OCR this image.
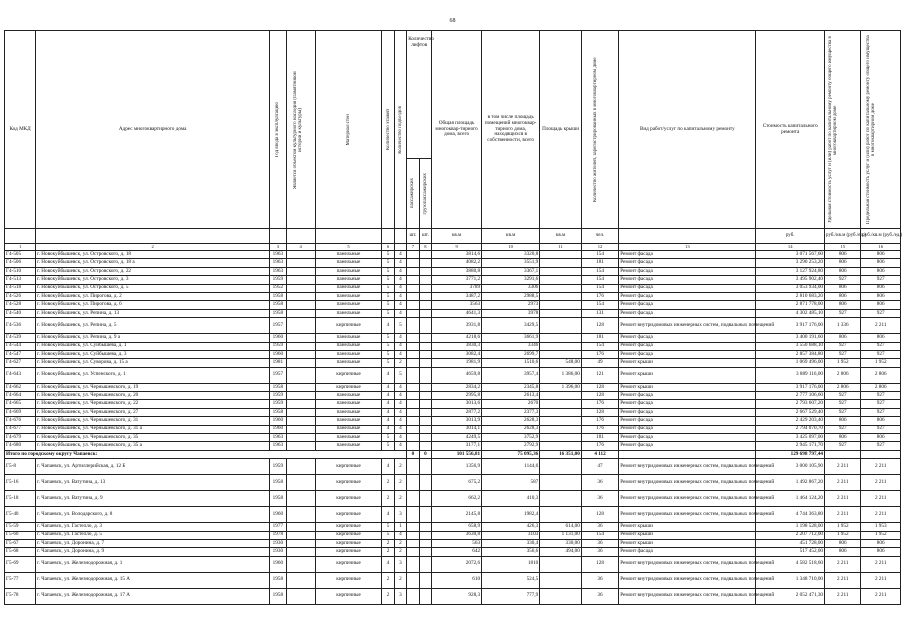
68
Код МКД	Адрес многоквартирного дома	Год ввода в эксплуатацию	Является объектом культурного наследия (Памятником истории и культуры)	Материал стен	Количество этажей	Количество подъездов	Количество лифтов		Общая площадь многоквар-тирного дома, всего	в том числе площадь помещений многоквар-тирного дома, находящихся в собственности, всего	Площадь крыши	Количество жителей, зарегистрированных в многоквартирном доме	Вид работ/услуг по капитальному ремонту	Стоимость капитального ремонта	Удельная стоимость услуг и (или) работ по капитальному ремонту общего имущества в многоквартирном доме	Предельная стоимость услуг и (или) работ по капитальному ремонту общего имущества в многоквартирном доме

							пассажирских	грузопассажирских								

							шт.	шт.	кв.м	кв.м	кв.м	чел.		руб.	руб./кв.м (руб./ед.)	руб./кв.м (руб./ед.)
1	2	3	4	5	6		7	8	9	10	11	12	13	14	15	16
Г4-505	г. Новокуйбышевск, ул. Островского, д. 18	1963		панельные	5	4			3814,6	3320,8		154	Ремонт фасада	3 071 567,60	806	806
Г4-506	г. Новокуйбышевск, ул. Островского, д. 18 а	1963		панельные	5	4			4082,2	3551,9		181	Ремонт фасада	3 290 253,20	806	806
Г4-510	г. Новокуйбышевск, ул. Островского, д. 22	1963		панельные	5	4			3880,8	3367,1		154	Ремонт фасада	3 127 924,80	806	806
Г4-513	г. Новокуйбышевск, ул. Островского, д. 3	1959		панельные	5	4			3771,2	3291,6		154	Ремонт фасада	3 495 902,40	927	927
Г4-518	г. Новокуйбышевск, ул. Островского, д. 5	1952		панельные	5	4			3789	3306		154	Ремонт фасада	3 053 934,00	806	806
Г4-526	г. Новокуйбышевск, ул. Пирогова, д. 2	1958		панельные	5	4			3487,2	2988,5		176	Ремонт фасада	2 810 683,20	806	806
Г4-528	г. Новокуйбышевск, ул. Пирогова, д. 6	1958		панельные	5	4			3563	2973		154	Ремонт фасада	2 871 778,00	806	806
Г4-540	г. Новокуйбышевск, ул. Репина, д. 13	1958		панельные	5	4			4641,3	3978		131	Ремонт фасада	4 302 485,10	927	927
Г4-536	г. Новокуйбышевск, ул. Репина, д. 5	1957		кирпичные	4	5			3931,8	3429,5		128	Ремонт внутридомовых инженерных систем, подвальных помещений	3 917 176,00	1 336	2 211
Г4-539	г. Новокуйбышевск, ул. Репина, д. 9 а	1960		панельные	5	4			4218,6	3661,9		181	Ремонт фасада	3 400 191,60	806	806
Г4-544	г. Новокуйбышевск, ул. Суйбышева, д. 1	1959		панельные	5	4			3830,3	3346		154	Ремонт фасада	3 550 688,10	927	927
Г4-547	г. Новокуйбышевск, ул. Суйбышева, д. 3	1960		панельные	5	4			3082,4	2699,7		176	Ремонт фасада	2 857 384,80	927	927
Г4-627	г. Новокуйбышевск, ул. Суворова, д. 15 а	1981		панельные	5	2			1981,9	1510,6	548,00	49	Ремонт крыши	1 069 496,00	1 952	1 952
Г4-643	г. Новокуйбышевск, ул. Успенского, д. 1	1957		кирпичные	4	5			4659,8	3957,4	1 386,00	121	Ремонт крыши	3 889 116,00	2 806	2 806
Г4-662	г. Новокуйбышевск, ул. Чернышевского, д. 19	1958		кирпичные	4	4			2834,2	2345,8	1 396,00	128	Ремонт крыши	3 917 176,00	2 806	2 806
Г4-664	г. Новокуйбышевск, ул. Чернышевского, д. 20	1959		панельные	4	4			2995,8	2613,4		128	Ремонт фасада	2 777 106,60	927	927
Г4-665	г. Новокуйбышевск, ул. Чернышевского, д. 22	1959		панельные	4	4			3013,6	2670		176	Ремонт фасада	2 793 607,20	927	927
Г4-669	г. Новокуйбышевск, ул. Чернышевского, д. 27	1958		панельные	4	4			2877,2	2377,3		128	Ремонт фасада	2 667 529,40	927	927
Г4-676	г. Новокуйбышевск, ул. Чернышевского, д. 31	1960		панельные	4	4			3013,9	2628,3		176	Ремонт фасада	2 429 203,40	806	806
Г4-677	г. Новокуйбышевск, ул. Чернышевского, д. 31 а	1960		панельные	4	4			3014,1	2628,3		176	Ремонт фасада	2 794 070,70	927	927
Г4-679	г. Новокуйбышевск, ул. Чернышевского, д. 35	1963		панельные	5	4			4249,5	3752,9		181	Ремонт фасада	3 425 097,00	806	806
Г4-680	г. Новокуйбышевск, ул. Чернышевского, д. 35 а	1963		панельные	5	4			3177,1	2792,9		176	Ремонт фасада	2 945 171,70	927	927
Итого по городскому округу Чапаевск:							0	0	101 556,81	75 095,36	16 351,00	4 112		129 698 797,44		
Г5-8	г. Чапаевск, ул. Артиллерийская, д. 12 Б	1959		кирпичные	4	2			1356,9	1144,6		47	Ремонт внутридомовых инженерных систем, подвальных помещений	3 000 105,90	2 211	2 211
Г5-16	г. Чапаевск, ул. Ватутина, д. 13	1958		кирпичные	2	2			675,2	587		36	Ремонт внутридомовых инженерных систем, подвальных помещений	1 492 867,20	2 211	2 211
Г5-18	г. Чапаевск, ул. Ватутина, д. 9	1958		кирпичные	2	2			662,2	410,3		36	Ремонт внутридомовых инженерных систем, подвальных помещений	1 464 124,20	2 211	2 211
Г5-40	г. Чапаевск, ул. Володарского, д. 8	1960		кирпичные	4	3			2145,8	1982,4		128	Ремонт внутридомовых инженерных систем, подвальных помещений	4 744 363,80	2 211	2 211
Г5-59	г. Чапаевск, ул. Гастелло, д. 3	1977		кирпичные	5	1			658,9	426,3	614,00	36	Ремонт крыши	1 198 528,00	1 952	1 953
Г5-60	г. Чапаевск, ул. Гастелло, д. 5	1978		кирпичные	5	4			3630,8	3103	1 131,00	154	Ремонт крыши	2 207 712,00	1 952	1 952
Г5-67	г. Чапаевск, ул. Доронина, д. 7	1930		кирпичные	2	2			563	330,4	330,00	36	Ремонт крыши	451 728,00	806	806
Г5-68	г. Чапаевск, ул. Доронина, д. 9	1930		кирпичные	2	2			642	356,6	494,00	36	Ремонт фасада	517 452,00	806	806
Г5-69	г. Чапаевск, ул. Железнодорожная, д. 1	1960		кирпичные	4	3			2072,6	1810		128	Ремонт внутридомовых инженерных систем, подвальных помещений	4 582 518,60	2 211	2 211
Г5-77	г. Чапаевск, ул. Железнодорожная, д. 15 А	1958		кирпичные	2	2			610	524,5		36	Ремонт внутридомовых инженерных систем, подвальных помещений	1 348 710,00	2 211	2 211
Г5-78	г. Чапаевск, ул. Железнодорожная, д. 17 А	1958		кирпичные	2	3			928,3	777,9		36	Ремонт внутридомовых инженерных систем, подвальных помещений	2 052 471,30	2 211	2 211
